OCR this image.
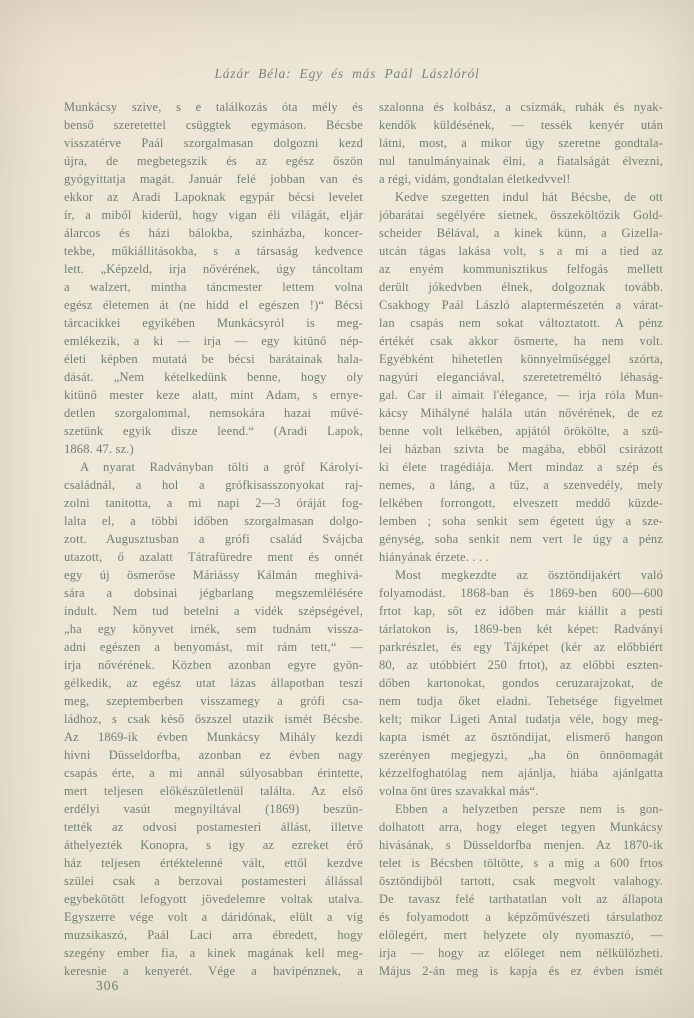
Lázár Béla: Egy és más Paál Lászlóról
Munkácsy szive, s e találkozás óta mély és
benső szeretettel csüggtek egymáson. Bécsbe
visszatérve Paál szorgalmasan dolgozni kezd
újra, de megbetegszik és az egész őszön
gyógyittatja magát. Január felé jobban van és
ekkor az Aradi Lapoknak egypár bécsi levelet
ír, a miből kiderül, hogy vigan éli világát, eljár
álarcos és házi bálokba, szinházba, koncer-
tekbe, műkiállitásokba, s a társaság kedvence
lett. „Képzeld, irja nővérének, úgy táncoltam
a walzert, mintha táncmester lettem volna
egész életemen át (ne hidd el egészen !)“ Bécsi
tárcacikkei egyikében Munkácsyról is meg-
emlékezik, a ki — irja — egy kitünő nép-
életi képben mutatá be bécsi barátainak hala-
dását. „Nem kételkedünk benne, hogy oly
kitünő mester keze alatt, mint Adam, s ernye-
detlen szorgalommal, nemsokára hazai művé-
szetünk egyik disze leend.“ (Aradi Lapok,
1868. 47. sz.)
A nyarat Radványban tölti a gróf Károlyi-
családnál, a hol a grófkisasszonyokat raj-
zolni tanitotta, a mi napi 2—3 óráját fog-
lalta el, a többi időben szorgalmasan dolgo-
zott. Augusztusban a grófi család Svájcba
utazott, ő azalatt Tátrafüredre ment és onnét
egy új ösmerőse Máriássy Kálmán meghivá-
sára a dobsinai jégbarlang megszemlélésére
indult. Nem tud betelni a vidék szépségével,
„ha egy könyvet irnék, sem tudnám vissza-
adni egészen a benyomást, mit rám tett,“ —
irja nővérének. Közben azonban egyre gyön-
gélkedik, az egész utat lázas állapotban teszi
meg, szeptemberben visszamegy a grófi csa-
ládhoz, s csak késő őszszel utazik ismét Bécsbe.
Az 1869-ik évben Munkácsy Mihály kezdi
hivni Düsseldorfba, azonban ez évben nagy
csapás érte, a mi annál súlyosabban érintette,
mert teljesen előkészületlenül találta. Az első
erdélyi vasút megnyiltával (1869) beszün-
tették az odvosi postamesteri állást, illetve
áthelyezték Konopra, s igy az ezreket érő
ház teljesen értéktelenné vált, ettől kezdve
szülei csak a berzovai postamesteri állással
egybekötött lefogyott jövedelemre voltak utalva.
Egyszerre vége volt a dáridónak, elült a víg
muzsikaszó, Paál Laci arra ébredett, hogy
szegény ember fia, a kinek magának kell meg-
keresnie a kenyerét. Vége a havipénznek, a
szalonna és kolbász, a csizmák, ruhák és nyak-
kendők küldésének, — tessék kenyér után
látni, most, a mikor úgy szeretne gondtala-
nul tanulmányainak élni, a fiatalságát élvezni,
a régi, vidám, gondtalan életkedvvel!
Kedve szegetten indul hát Bécsbe, de ott
jóbarátai segélyére sietnek, összeköltözik Gold-
scheider Bélával, a kinek künn, a Gizella-
utcán tágas lakása volt, s a mi a tied az
az enyém kommunisztikus felfogás mellett
derült jókedvben élnek, dolgoznak tovább.
Csakhogy Paál László alaptermészetén a várat-
lan csapás nem sokat változtatott. A pénz
értékét csak akkor ösmerte, ha nem volt.
Egyébként hihetetlen könnyelműséggel szórta,
nagyúri eleganciával, szeretetreméltó léhaság-
gal. Car il aimait l'élegance, — irja róla Mun-
kácsy Mihályné halála után nővérének, de ez
benne volt lelkében, apjától örökölte, a szü-
lei házban szivta be magába, ebből csirázott
ki élete tragédiája. Mert mindaz a szép és
nemes, a láng, a tűz, a szenvedély, mely
lelkében forrongott, elveszett meddő küzde-
lemben ; soha senkit sem égetett úgy a sze-
génység, soha senkit nem vert le úgy a pénz
hiányának érzete. . . .
Most megkezdte az ösztöndijakért való
folyamodást. 1868-ban és 1869-ben 600—600
frtot kap, sőt ez időben már kiállit a pesti
tárlatokon is, 1869-ben két képet: Radványi
parkrészlet, és egy Tájképet (kér az előbbiért
80, az utóbbiért 250 frtot), az előbbi eszten-
dőben kartonokat, gondos ceruzarajzokat, de
nem tudja őket eladni. Tehetsége figyelmet
kelt; mikor Ligeti Antal tudatja véle, hogy meg-
kapta ismét az ösztöndijat, elismerő hangon
szerényen megjegyzi, „ha ön önnönmagát
kézzelfoghatólag nem ajánlja, hiába ajánlgatta
volna önt üres szavakkal más“.
Ebben a helyzetben persze nem is gon-
dolhatott arra, hogy eleget tegyen Munkácsy
hivásának, s Düsseldorfba menjen. Az 1870-ik
telet is Bécsben töltötte, s a mig a 600 frtos
ösztöndijból tartott, csak megvolt valahogy.
De tavasz felé tarthatatlan volt az állapota
és folyamodott a képzőművészeti társulathoz
előlegért, mert helyzete oly nyomasztó, —
irja — hogy az előleget nem nélkülözheti.
Május 2-án meg is kapja és ez évben ismét
306
